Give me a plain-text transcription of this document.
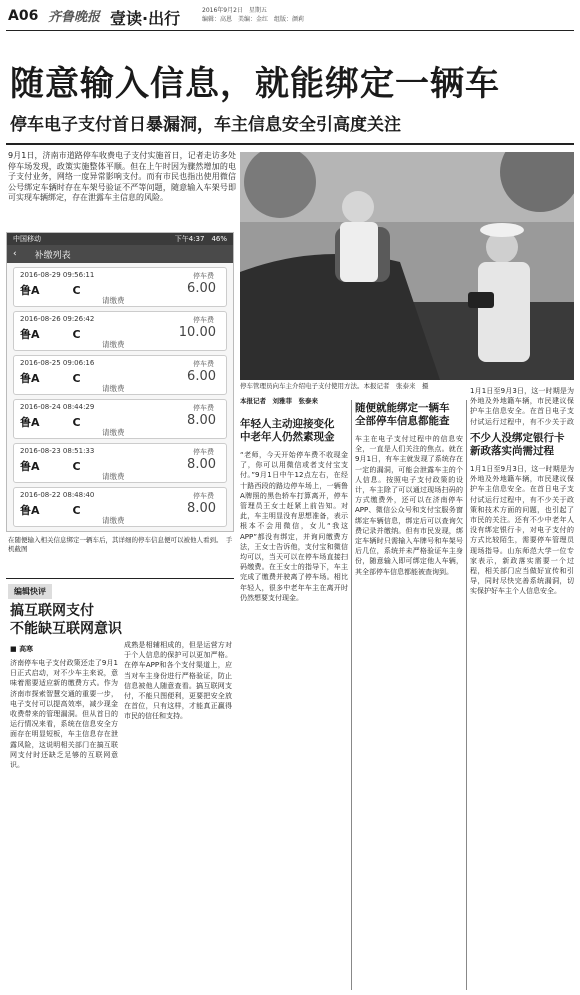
A06 齐鲁晚报 壹读·出行	2016年9月2日　星期五
编辑：高恩　美编：金红　组版：颜莉
随意输入信息，就能绑定一辆车
停车电子支付首日暴漏洞，车主信息安全引高度关注
9月1日，济南市道路停车收费电子支付实施首日，记者走访多处停车场发现，政策实施整体平顺。但在上午时因为骤然增加的电子支付业务，网络一度异常影响支付。而有市民也指出使用微信公号绑定车辆时存在车架号验证不严等问题，随意输入车架号即可实现车辆绑定，存在泄露车主信息的风险。
中国移动	下午4:37　46%
‹ 补缴列表
2016-08-29 09:56:11
鲁A　　　C
请缴费
停车费
6.00
2016-08-26 09:26:42
鲁A　　　C
请缴费
停车费
10.00
2016-08-25 09:06:16
鲁A　　　C
请缴费
停车费
6.00
2016-08-24 08:44:29
鲁A　　　C
请缴费
停车费
8.00
2016-08-23 08:51:33
鲁A　　　C
请缴费
停车费
8.00
2016-08-22 08:48:40
鲁A　　　C
请缴费
停车费
8.00
在随便输入相关信息绑定一辆车后，其详细的停车信息便可以被他人看到。　手机截图
停车管理员向车主介绍电子支付使用方法。本报记者　张泰来　摄
本报记者　刘雅菲　张泰来
年轻人主动迎接变化
中老年人仍然素现金
“老师，今天开始停车费不收现金了，你可以用微信或者支付宝支付。”9月1日中午12点左右，在经十路西段的路边停车场上，一辆鲁A牌照的黑色轿车打算离开，停车管理员王女士赶紧上前告知。对此，车主明显没有思想准备，表示根本不会用微信，女儿“我这APP”都没有绑定，并询问缴费方法，王女士告诉他，支付宝和微信均可以，当天可以在停车场直接扫码缴费。在王女士的指导下，车主完成了缴费并驶离了停车场。相比年轻人，很多中老年车主在离开时仍然想要支付现金。
随便就能绑定一辆车
全部停车信息都能查
车主在电子支付过程中的信息安全，一直是人们关注的焦点。就在9月1日，有车主就发现了系统存在一定的漏洞，可能会泄露车主的个人信息。按照电子支付政策的设计，车主除了可以通过现场扫码的方式缴费外，还可以在济南停车APP、微信公众号和支付宝服务窗绑定车辆信息，绑定后可以查询欠费记录并缴纳。但有市民发现，绑定车辆时只需输入车牌号和车架号后几位，系统并未严格验证车主身份，随意输入即可绑定他人车辆，其全部停车信息都能被查询到。
1月1日至9月3日，这一时期是为外地及外地籍车辆，市民建议保护车主信息安全。在首日电子支付试运行过程中，有不少关于政
不少人没绑定银行卡
新政落实尚需过程
1月1日至9月3日，这一时期是为外地及外地籍车辆，市民建议保护车主信息安全。在首日电子支付试运行过程中，有不少关于政策和技术方面的问题，也引起了市民的关注。还有不少中老年人没有绑定银行卡，对电子支付的方式比较陌生，需要停车管理员现场指导。山东师范大学一位专家表示，新政落实需要一个过程，相关部门应当做好宣传和引导，同时尽快完善系统漏洞，切实保护好车主个人信息安全。
编辑快评
搞互联网支付
不能缺互联网意识
■ 高寒
济南停车电子支付政策还走了9月1日正式启动，对不少车主来说，意味着需要适应新的缴费方式。作为济南市探索智慧交通的重要一步，电子支付可以提高效率，减少现金收费带来的管理漏洞。但从首日的运行情况来看，系统在信息安全方面存在明显短板，车主信息存在泄露风险，这说明相关部门在搞互联网支付时还缺乏足够的互联网意识。
成熟是相辅相成的，但是运营方对于个人信息的保护可以更加严格。在停车APP和各个支付渠道上，应当对车主身份进行严格验证，防止信息被他人随意查看。搞互联网支付，不能只图便利，更要把安全放在首位，只有这样，才能真正赢得市民的信任和支持。
